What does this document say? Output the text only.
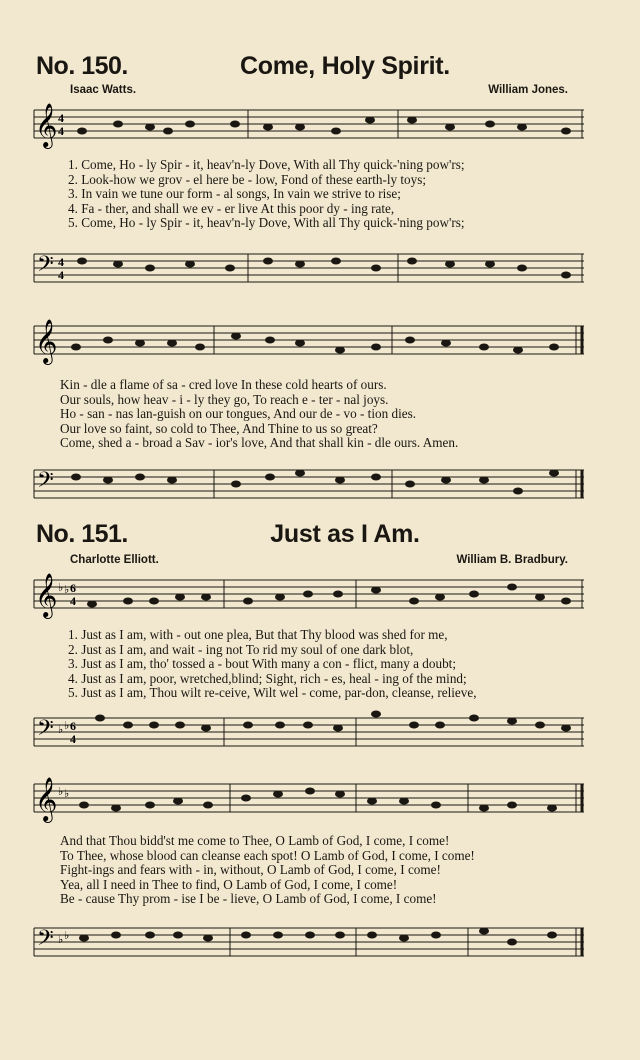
No. 150.	Come, Holy Spirit.
Isaac Watts.	William Jones.
𝄞 4
4
1. Come, Ho - ly Spir - it, heav'n-ly Dove, With all Thy quick-'ning pow'rs;
2. Look-how we grov - el here be - low, Fond of these earth-ly toys;
3. In vain we tune our form - al songs, In vain we strive to rise;
4. Fa - ther, and shall we ev - er live At this poor dy - ing rate,
5. Come, Ho - ly Spir - it, heav'n-ly Dove, With all Thy quick-'ning pow'rs;
𝄢 4
4
𝄞
Kin - dle a flame of sa - cred love In these cold hearts of ours.
Our souls, how heav - i - ly they go, To reach e - ter - nal joys.
Ho - san - nas lan-guish on our tongues, And our de - vo - tion dies.
Our love so faint, so cold to Thee, And Thine to us so great?
Come, shed a - broad a Sav - ior's love, And that shall kin - dle ours. Amen.
𝄢
No. 151.	Just as I Am.
Charlotte Elliott.	William B. Bradbury.
𝄞 ♭ ♭ 6
4
1. Just as I am, with - out one plea, But that Thy blood was shed for me,
2. Just as I am, and wait - ing not To rid my soul of one dark blot,
3. Just as I am, tho' tossed a - bout With many a con - flict, many a doubt;
4. Just as I am, poor, wretched,blind; Sight, rich - es, heal - ing of the mind;
5. Just as I am, Thou wilt re-ceive, Wilt wel - come, par-don, cleanse, relieve,
𝄢 ♭ ♭ 6
4
𝄞 ♭ ♭
And that Thou bidd'st me come to Thee, O Lamb of God, I come, I come!
To Thee, whose blood can cleanse each spot! O Lamb of God, I come, I come!
Fight-ings and fears with - in, without, O Lamb of God, I come, I come!
Yea, all I need in Thee to find, O Lamb of God, I come, I come!
Be - cause Thy prom - ise I be - lieve, O Lamb of God, I come, I come!
𝄢 ♭ ♭
